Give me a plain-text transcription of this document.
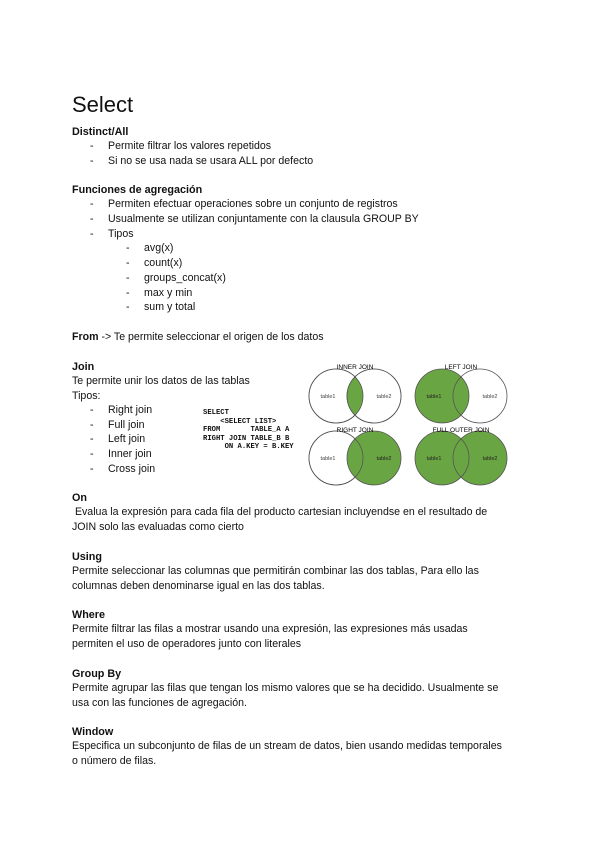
Select
Distinct/All
-	Permite filtrar los valores repetidos
-	Si no se usa nada se usara ALL por defecto
Funciones de agregación
-	Permiten efectuar operaciones sobre un conjunto de registros
-	Usualmente se utilizan conjuntamente con la clausula GROUP BY
-	Tipos
-	avg(x)
-	count(x)
-	groups_concat(x)
-	max y min
-	sum y total
From -> Te permite seleccionar el origen de los datos
Join
Te permite unir los datos de las tablas
Tipos:
-	Right join
-	Full join
-	Left join
-	Inner join
-	Cross join
SELECT
<SELECT LIST>
FROM       TABLE_A A
RIGHT JOIN TABLE_B B
ON A.KEY = B.KEY
INNER JOIN
table1	table2
LEFT JOIN
table1	table2
RIGHT JOIN
table1	table2
FULL OUTER JOIN
table1	table2
On
Evalua la expresión para cada fila del producto cartesian incluyendse en el resultado de
JOIN solo las evaluadas como cierto
Using
Permite seleccionar las columnas que permitirán combinar las dos tablas, Para ello las
columnas deben denominarse igual en las dos tablas.
Where
Permite filtrar las filas a mostrar usando una expresión, las expresiones más usadas
permiten el uso de operadores junto con literales
Group By
Permite agrupar las filas que tengan los mismo valores que se ha decidido. Usualmente se
usa con las funciones de agregación.
Window
Especifica un subconjunto de filas de un stream de datos, bien usando medidas temporales
o número de filas.
